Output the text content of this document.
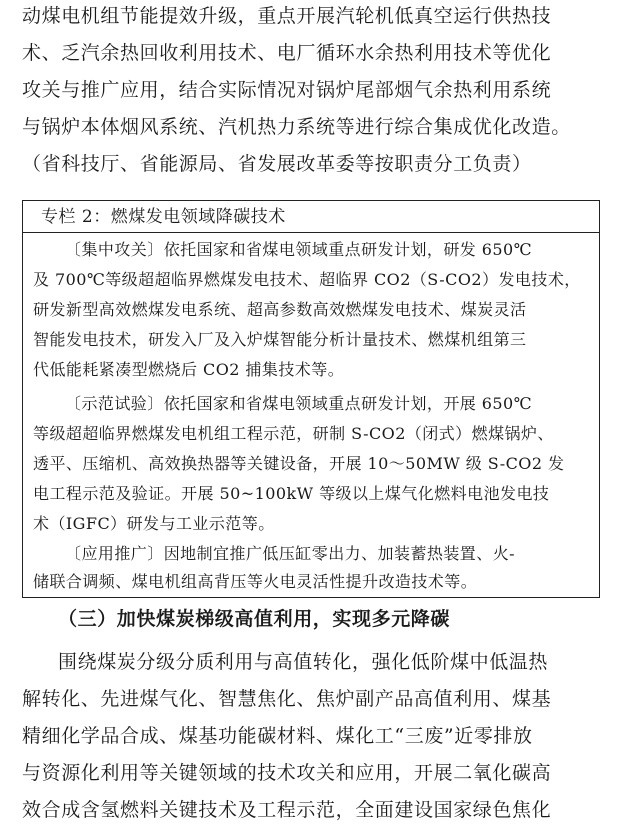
动煤电机组节能提效升级，重点开展汽轮机低真空运行供热技
术、乏汽余热回收利用技术、电厂循环水余热利用技术等优化
攻关与推广应用，结合实际情况对锅炉尾部烟气余热利用系统
与锅炉本体烟风系统、汽机热力系统等进行综合集成优化改造。
（省科技厅、省能源局、省发展改革委等按职责分工负责）
专栏 2：燃煤发电领域降碳技术
〔集中攻关〕依托国家和省煤电领域重点研发计划，研发 650℃
及 700℃等级超超临界燃煤发电技术、超临界 CO2（S-CO2）发电技术，
研发新型高效燃煤发电系统、超高参数高效燃煤发电技术、煤炭灵活
智能发电技术，研发入厂及入炉煤智能分析计量技术、燃煤机组第三
代低能耗紧凑型燃烧后 CO2 捕集技术等。
〔示范试验〕依托国家和省煤电领域重点研发计划，开展 650℃
等级超超临界燃煤发电机组工程示范，研制 S-CO2（闭式）燃煤锅炉、
透平、压缩机、高效换热器等关键设备，开展 10～50MW 级 S-CO2 发
电工程示范及验证。开展 50~100kW 等级以上煤气化燃料电池发电技
术（IGFC）研发与工业示范等。
〔应用推广〕因地制宜推广低压缸零出力、加装蓄热装置、火-
储联合调频、煤电机组高背压等火电灵活性提升改造技术等。
（三）加快煤炭梯级高值利用，实现多元降碳
围绕煤炭分级分质利用与高值转化，强化低阶煤中低温热
解转化、先进煤气化、智慧焦化、焦炉副产品高值利用、煤基
精细化学品合成、煤基功能碳材料、煤化工“三废”近零排放
与资源化利用等关键领域的技术攻关和应用，开展二氧化碳高
效合成含氢燃料关键技术及工程示范，全面建设国家绿色焦化
